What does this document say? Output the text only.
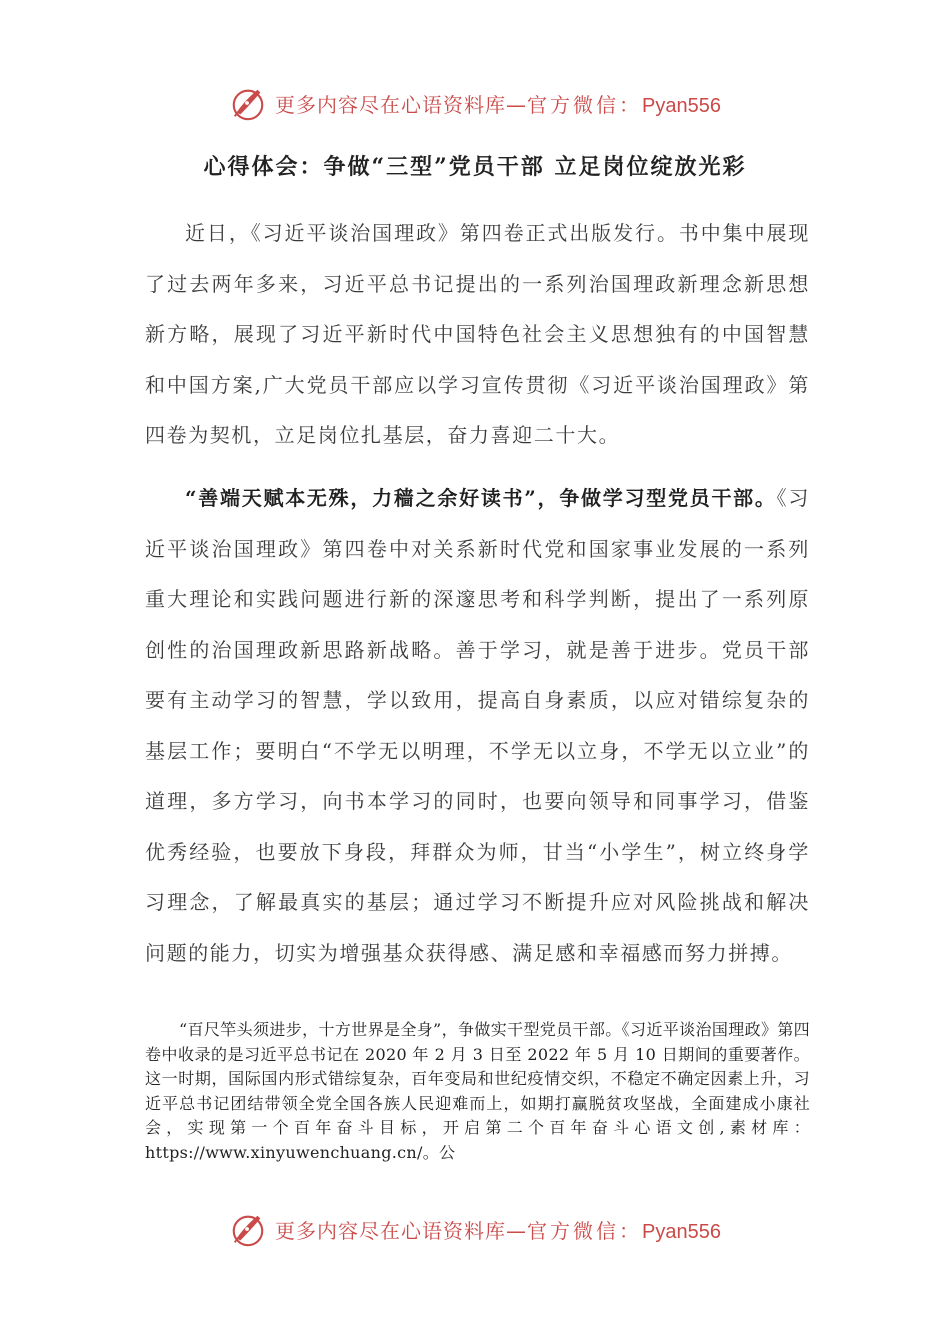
更多内容尽在心语资料库—官方微信：Pyan556
心得体会：争做“三型”党员干部 立足岗位绽放光彩

近日，《习近平谈治国理政》第四卷正式出版发行。书中集中展现了过去两年多来，习近平总书记提出的一系列治国理政新理念新思想新方略，展现了习近平新时代中国特色社会主义思想独有的中国智慧和中国方案,广大党员干部应以学习宣传贯彻《习近平谈治国理政》第四卷为契机，立足岗位扎基层，奋力喜迎二十大。

“善端天赋本无殊，力穑之余好读书”，争做学习型党员干部。《习近平谈治国理政》第四卷中对关系新时代党和国家事业发展的一系列重大理论和实践问题进行新的深邃思考和科学判断，提出了一系列原创性的治国理政新思路新战略。善于学习，就是善于进步。党员干部要有主动学习的智慧，学以致用，提高自身素质，以应对错综复杂的基层工作；要明白“不学无以明理，不学无以立身，不学无以立业”的道理，多方学习，向书本学习的同时，也要向领导和同事学习，借鉴优秀经验，也要放下身段，拜群众为师，甘当“小学生”，树立终身学习理念，了解最真实的基层；通过学习不断提升应对风险挑战和解决问题的能力，切实为增强基众获得感、满足感和幸福感而努力拼搏。

“百尺竿头须进步，十方世界是全身”，争做实干型党员干部。《习近平谈治国理政》第四卷中收录的是习近平总书记在 2020 年 2 月 3 日至 2022 年 5 月 10 日期间的重要著作。这一时期，国际国内形式错综复杂，百年变局和世纪疫情交织，不稳定不确定因素上升，习近平总书记团结带领全党全国各族人民迎难而上，如期打赢脱贫攻坚战，全面建成小康社会，实现第一个百年奋斗目标，开启第二个百年奋斗心语文创,素材库：https://www.xinyuwenchuang.cn/。公

更多内容尽在心语资料库—官方微信：Pyan556
